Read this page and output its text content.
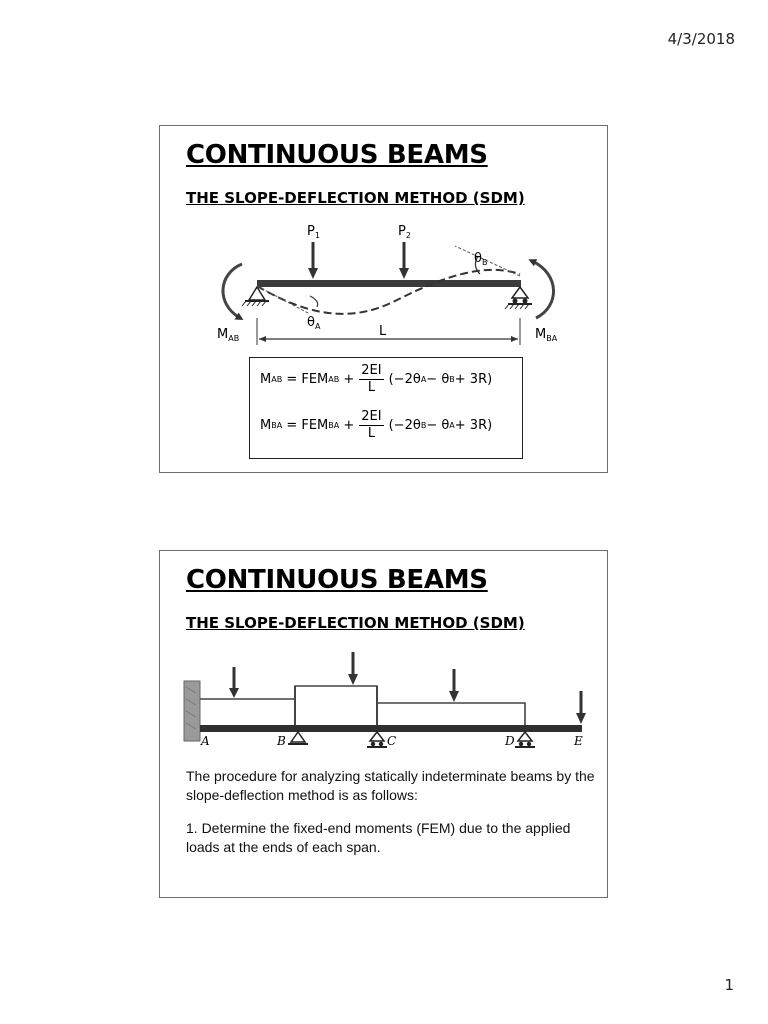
4/3/2018
CONTINUOUS BEAMS
THE SLOPE-DEFLECTION METHOD (SDM)
$P_1$	$P_2$
$\theta_B$
$\theta_A$
$M_{AB}$	$M_{BA}$
L
M AB
= FEM AB
+ $\frac{2EI}{L} (-2\theta$ A − θ B + 3R)
M BA
= FEM BA
+ $\frac{2EI}{L} (-2\theta$ B − θ A + 3R)
CONTINUOUS BEAMS
THE SLOPE-DEFLECTION METHOD (SDM)
A	B	C	D	E

The procedure for analyzing statically indeterminate beams by the slope-deflection method is as follows:

1. Determine the fixed-end moments (FEM) due to the applied loads at the ends of each span.

1
